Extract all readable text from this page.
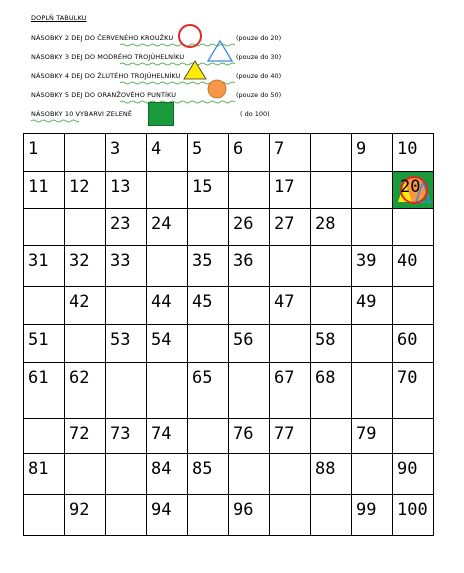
DOPLŇ TABULKU
NÁSOBKY 2 DEJ DO ČERVENÉHO KROUŽKU	(pouze do 20)
NÁSOBKY 3 DEJ DO MODRÉHO TROJÚHELNÍKU	(pouze do 30)
NÁSOBKY 4 DEJ DO ŽLUTÉHO TROJÚHELNÍKU	(pouze do 40)
NÁSOBKY 5 DEJ DO ORANŽOVÉHO PUNTÍKU	(pouze do 50)
NÁSOBKY 10 VYBARVI ZELENĚ	( do 100)
1		3	4	5	6	7		9	10

11	12	13		15		17			20

		23	24		26	27	28		

31	32	33		35	36			39	40

	42		44	45		47		49	

51		53	54		56		58		60

61	62			65		67	68		70

	72	73	74		76	77		79	

81			84	85			88		90

	92		94		96			99	100
